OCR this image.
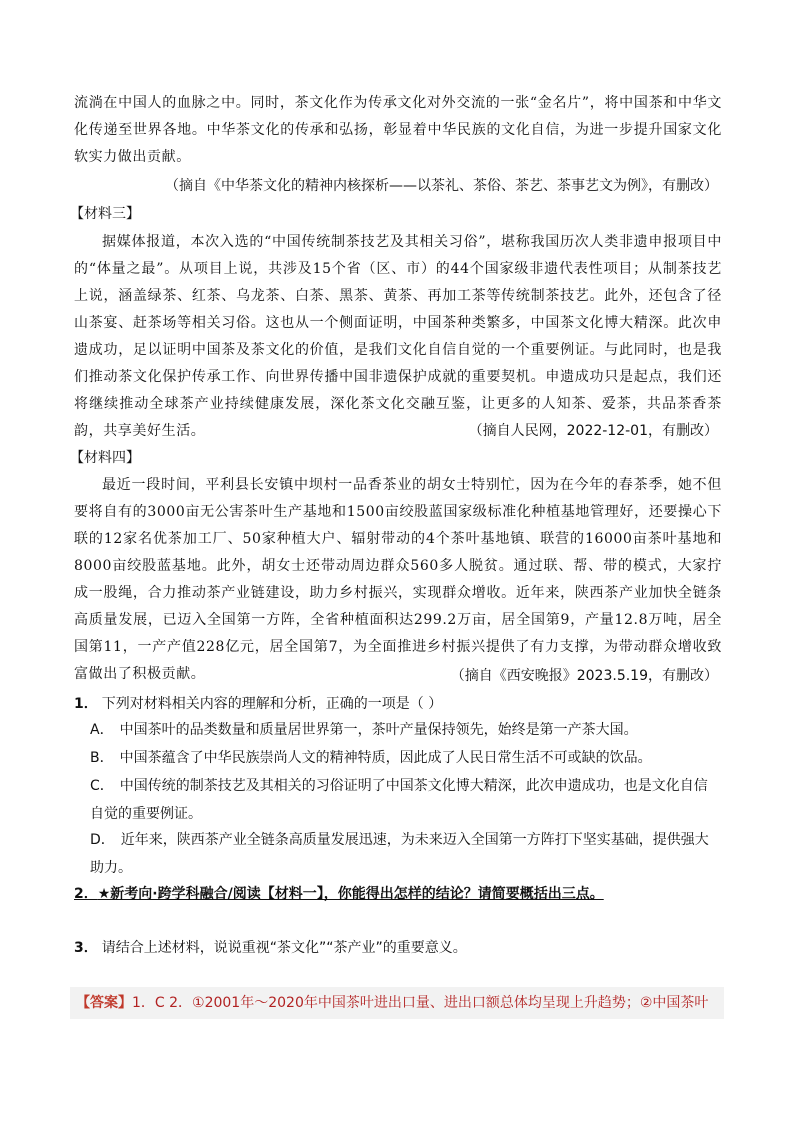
流淌在中国人的血脉之中。同时，茶文化作为传承文化对外交流的一张“金名片”，将中国茶和中华文化传递至世界各地。中华茶文化的传承和弘扬，彰显着中华民族的文化自信，为进一步提升国家文化软实力做出贡献。

（摘自《中华茶文化的精神内核探析——以茶礼、茶俗、茶艺、茶事艺文为例》，有删改）

【材料三】

据媒体报道，本次入选的“中国传统制茶技艺及其相关习俗”，堪称我国历次人类非遗申报项目中的“体量之最”。从项目上说，共涉及15个省（区、市）的44个国家级非遗代表性项目；从制茶技艺上说，涵盖绿茶、红茶、乌龙茶、白茶、黑茶、黄茶、再加工茶等传统制茶技艺。此外，还包含了径山茶宴、赶茶场等相关习俗。这也从一个侧面证明，中国茶种类繁多，中国茶文化博大精深。此次申遗成功，足以证明中国茶及茶文化的价值，是我们文化自信自觉的一个重要例证。与此同时，也是我们推动茶文化保护传承工作、向世界传播中国非遗保护成就的重要契机。申遗成功只是起点，我们还将继续推动全球茶产业持续健康发展，深化茶文化交融互鉴，让更多的人知茶、爱茶，共品茶香茶韵，共享美好生活。	（摘自人民网，2022-12-01，有删改）

【材料四】

最近一段时间，平利县长安镇中坝村一品香茶业的胡女士特别忙，因为在今年的春茶季，她不但要将自有的3000亩无公害茶叶生产基地和1500亩绞股蓝国家级标准化种植基地管理好，还要操心下联的12家名优茶加工厂、50家种植大户、辐射带动的4个茶叶基地镇、联营的16000亩茶叶基地和8000亩绞股蓝基地。此外，胡女士还带动周边群众560多人脱贫。通过联、帮、带的模式，大家拧成一股绳，合力推动茶产业链建设，助力乡村振兴，实现群众增收。近年来，陕西茶产业加快全链条高质量发展，已迈入全国第一方阵，全省种植面积达299.2万亩，居全国第9，产量12.8万吨，居全国第11，一产产值228亿元，居全国第7，为全面推进乡村振兴提供了有力支撑，为带动群众增收致富做出了积极贡献。	（摘自《西安晚报》2023.5.19，有删改）

1． 下列对材料相关内容的理解和分析，正确的一项是（ ）

A． 中国茶叶的品类数量和质量居世界第一，茶叶产量保持领先，始终是第一产茶大国。

B． 中国茶蕴含了中华民族崇尚人文的精神特质，因此成了人民日常生活不可或缺的饮品。

C． 中国传统的制茶技艺及其相关的习俗证明了中国茶文化博大精深，此次申遗成功，也是文化自信自觉的重要例证。

D． 近年来，陕西茶产业全链条高质量发展迅速，为未来迈入全国第一方阵打下坚实基础，提供强大助力。

2．★新考向·跨学科融合/阅读【材料一】，你能得出怎样的结论？请简要概括出三点。

3． 请结合上述材料，说说重视“茶文化”“茶产业”的重要意义。

【答案】1．C 2．①2001年～2020年中国茶叶进出口量、进出口额总体均呈现上升趋势；②中国茶叶
